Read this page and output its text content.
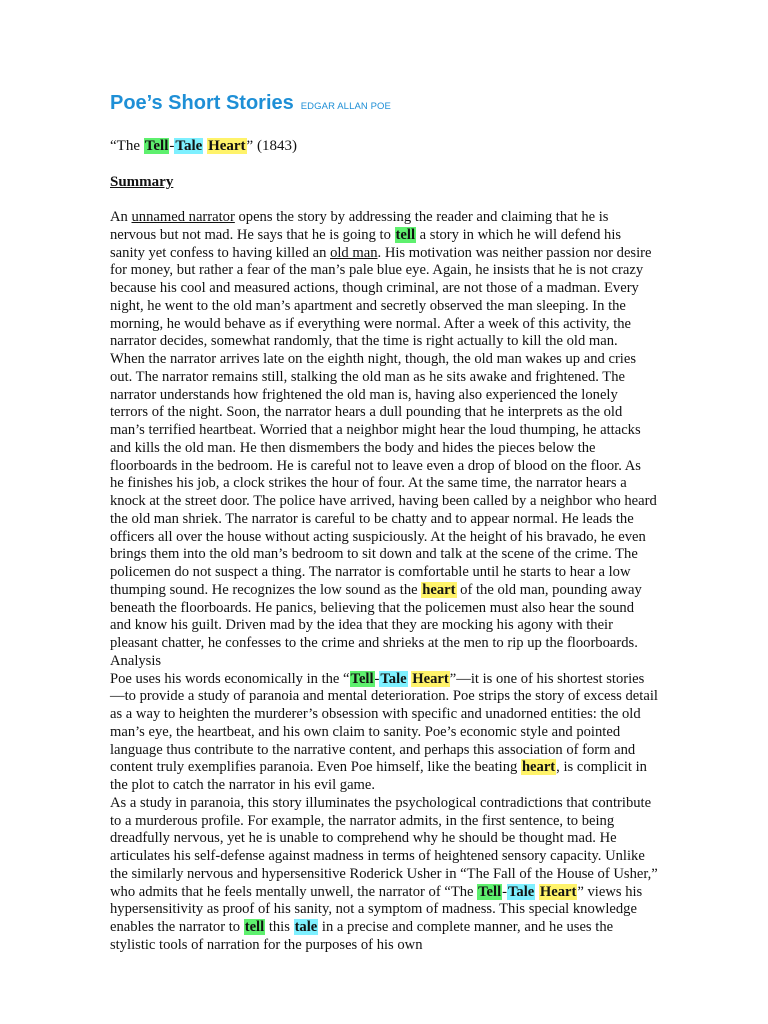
Poe’s Short Stories EDGAR ALLAN POE
“The Tell-Tale Heart” (1843)
Summary

An unnamed narrator opens the story by addressing the reader and claiming that he is nervous but not mad. He says that he is going to tell a story in which he will defend his sanity yet confess to having killed an old man. His motivation was neither passion nor desire for money, but rather a fear of the man’s pale blue eye. Again, he insists that he is not crazy because his cool and measured actions, though criminal, are not those of a madman. Every night, he went to the old man’s apartment and secretly observed the man sleeping. In the morning, he would behave as if everything were normal. After a week of this activity, the narrator decides, somewhat randomly, that the time is right actually to kill the old man.

When the narrator arrives late on the eighth night, though, the old man wakes up and cries out. The narrator remains still, stalking the old man as he sits awake and frightened. The narrator understands how frightened the old man is, having also experienced the lonely terrors of the night. Soon, the narrator hears a dull pounding that he interprets as the old man’s terrified heartbeat. Worried that a neighbor might hear the loud thumping, he attacks and kills the old man. He then dismembers the body and hides the pieces below the floorboards in the bedroom. He is careful not to leave even a drop of blood on the floor. As he finishes his job, a clock strikes the hour of four. At the same time, the narrator hears a knock at the street door. The police have arrived, having been called by a neighbor who heard the old man shriek. The narrator is careful to be chatty and to appear normal. He leads the officers all over the house without acting suspiciously. At the height of his bravado, he even brings them into the old man’s bedroom to sit down and talk at the scene of the crime. The policemen do not suspect a thing. The narrator is comfortable until he starts to hear a low thumping sound. He recognizes the low sound as the heart of the old man, pounding away beneath the floorboards. He panics, believing that the policemen must also hear the sound and know his guilt. Driven mad by the idea that they are mocking his agony with their pleasant chatter, he confesses to the crime and shrieks at the men to rip up the floorboards.

Analysis

Poe uses his words economically in the “Tell-Tale Heart”—it is one of his shortest stories—to provide a study of paranoia and mental deterioration. Poe strips the story of excess detail as a way to heighten the murderer’s obsession with specific and unadorned entities: the old man’s eye, the heartbeat, and his own claim to sanity. Poe’s economic style and pointed language thus contribute to the narrative content, and perhaps this association of form and content truly exemplifies paranoia. Even Poe himself, like the beating heart, is complicit in the plot to catch the narrator in his evil game.

As a study in paranoia, this story illuminates the psychological contradictions that contribute to a murderous profile. For example, the narrator admits, in the first sentence, to being dreadfully nervous, yet he is unable to comprehend why he should be thought mad. He articulates his self-defense against madness in terms of heightened sensory capacity. Unlike the similarly nervous and hypersensitive Roderick Usher in “The Fall of the House of Usher,” who admits that he feels mentally unwell, the narrator of “The Tell-Tale Heart” views his hypersensitivity as proof of his sanity, not a symptom of madness. This special knowledge enables the narrator to tell this tale in a precise and complete manner, and he uses the stylistic tools of narration for the purposes of his own
